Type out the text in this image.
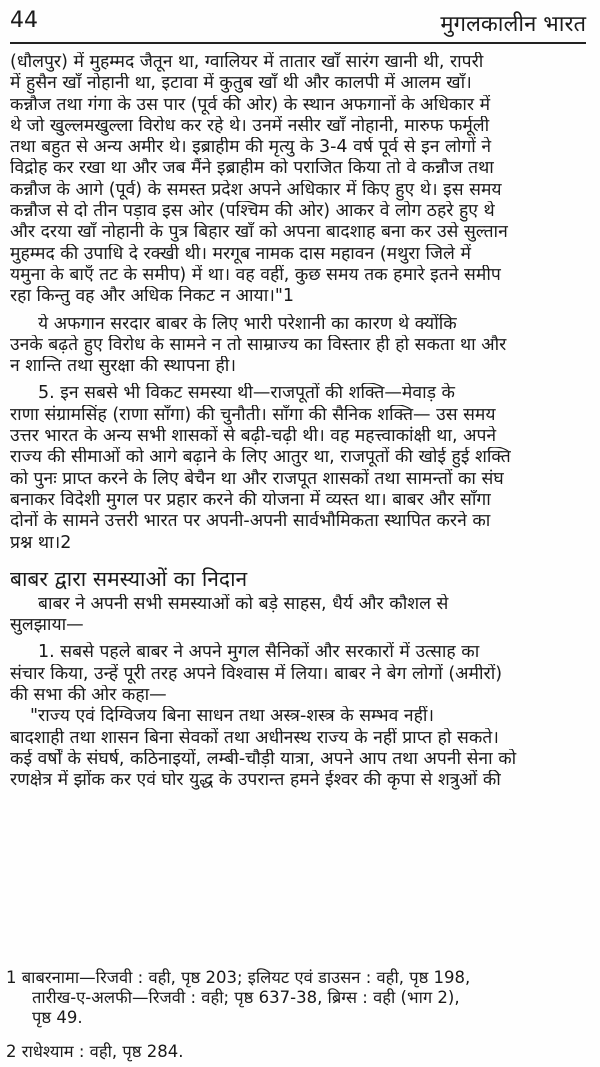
44	मुगलकालीन भारत
(धौलपुर) में मुहम्मद जैतून था, ग्वालियर में तातार खाँ सारंग खानी थी, रापरी
में हुसैन खाँ नोहानी था, इटावा में कुतुब खाँ थी और कालपी में आलम खाँ।
कन्नौज तथा गंगा के उस पार (पूर्व की ओर) के स्थान अफगानों के अधिकार में
थे जो खुल्लमखुल्ला विरोध कर रहे थे। उनमें नसीर खाँ नोहानी, मारुफ फर्मूली
तथा बहुत से अन्य अमीर थे। इब्राहीम की मृत्यु के 3-4 वर्ष पूर्व से इन लोगों ने
विद्रोह कर रखा था और जब मैंने इब्राहीम को पराजित किया तो वे कन्नौज तथा
कन्नौज के आगे (पूर्व) के समस्त प्रदेश अपने अधिकार में किए हुए थे। इस समय
कन्नौज से दो तीन पड़ाव इस ओर (पश्चिम की ओर) आकर वे लोग ठहरे हुए थे
और दरया खाँ नोहानी के पुत्र बिहार खाँ को अपना बादशाह बना कर उसे सुल्तान
मुहम्मद की उपाधि दे रक्खी थी। मरगूब नामक दास महावन (मथुरा जिले में
यमुना के बाएँ तट के समीप) में था। वह वहीं, कुछ समय तक हमारे इतने समीप
रहा किन्तु वह और अधिक निकट न आया।"1
ये अफगान सरदार बाबर के लिए भारी परेशानी का कारण थे क्योंकि
उनके बढ़ते हुए विरोध के सामने न तो साम्राज्य का विस्तार ही हो सकता था और
न शान्ति तथा सुरक्षा की स्थापना ही।
5. इन सबसे भी विकट समस्या थी—राजपूतों की शक्ति—मेवाड़ के
राणा संग्रामसिंह (राणा साँगा) की चुनौती। साँगा की सैनिक शक्ति— उस समय
उत्तर भारत के अन्य सभी शासकों से बढ़ी-चढ़ी थी। वह महत्त्वाकांक्षी था, अपने
राज्य की सीमाओं को आगे बढ़ाने के लिए आतुर था, राजपूतों की खोई हुई शक्ति
को पुनः प्राप्त करने के लिए बेचैन था और राजपूत शासकों तथा सामन्तों का संघ
बनाकर विदेशी मुगल पर प्रहार करने की योजना में व्यस्त था। बाबर और साँगा
दोनों के सामने उत्तरी भारत पर अपनी-अपनी सार्वभौमिकता स्थापित करने का
प्रश्न था।2
बाबर द्वारा समस्याओं का निदान
बाबर ने अपनी सभी समस्याओं को बड़े साहस, धैर्य और कौशल से
सुलझाया—
1. सबसे पहले बाबर ने अपने मुगल सैनिकों और सरकारों में उत्साह का
संचार किया, उन्हें पूरी तरह अपने विश्वास में लिया। बाबर ने बेग लोगों (अमीरों)
की सभा की ओर कहा—
"राज्य एवं दिग्विजय बिना साधन तथा अस्त्र-शस्त्र के सम्भव नहीं।
बादशाही तथा शासन बिना सेवकों तथा अधीनस्थ राज्य के नहीं प्राप्त हो सकते।
कई वर्षों के संघर्ष, कठिनाइयों, लम्बी-चौड़ी यात्रा, अपने आप तथा अपनी सेना को
रणक्षेत्र में झोंक कर एवं घोर युद्ध के उपरान्त हमने ईश्वर की कृपा से शत्रुओं की
1 बाबरनामा—रिजवी : वही, पृष्ठ 203; इलियट एवं डाउसन : वही, पृष्ठ 198,
तारीख-ए-अलफी—रिजवी : वही; पृष्ठ 637-38, ब्रिग्स : वही (भाग 2),
पृष्ठ 49.
2 राधेश्याम : वही, पृष्ठ 284.
